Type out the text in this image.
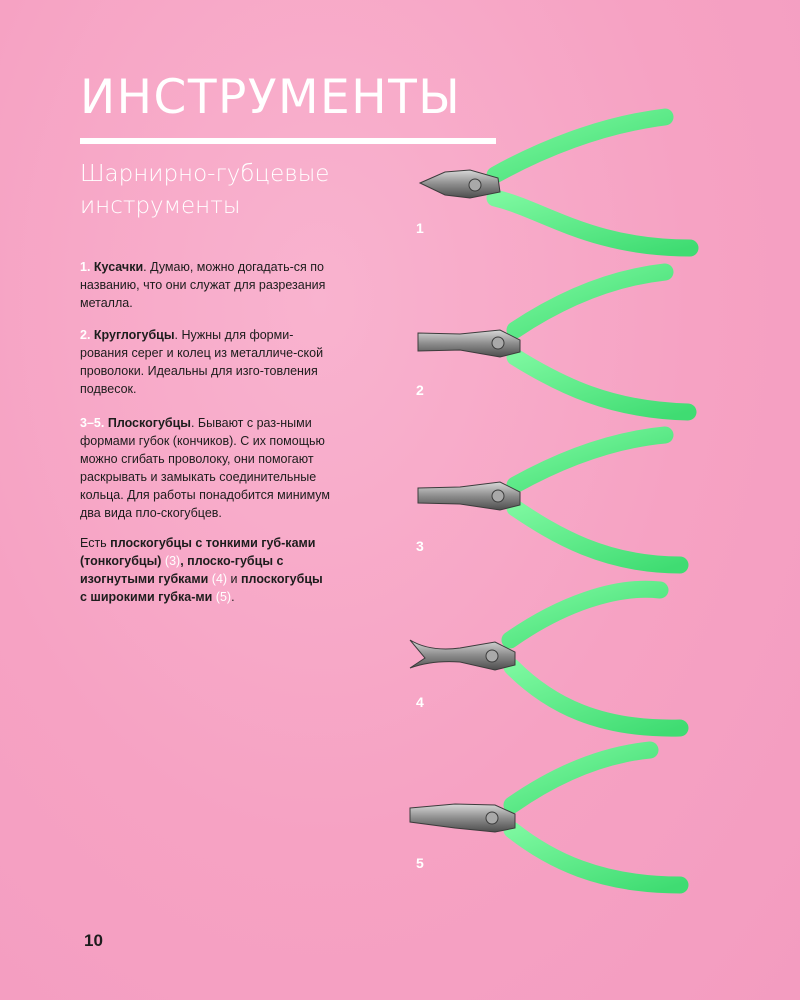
ИНСТРУМЕНТЫ
Шарнирно-губцевые инструменты
1. Кусачки. Думаю, можно догадать-ся по названию, что они служат для разрезания металла.
2. Круглогубцы. Нужны для форми-рования серег и колец из металличе-ской проволоки. Идеальны для изго-товления подвесок.
3–5. Плоскогубцы. Бывают с раз-ными формами губок (кончиков). С их помощью можно сгибать проволоку, они помогают раскрывать и замыкать соединительные кольца. Для работы понадобится минимум два вида пло-скогубцев.
Есть плоскогубцы с тонкими губ-ками (тонкогубцы) (3), плоско-губцы с изогнутыми губками (4) и плоскогубцы с широкими губка-ми (5).
1
2
3
4
5
10
